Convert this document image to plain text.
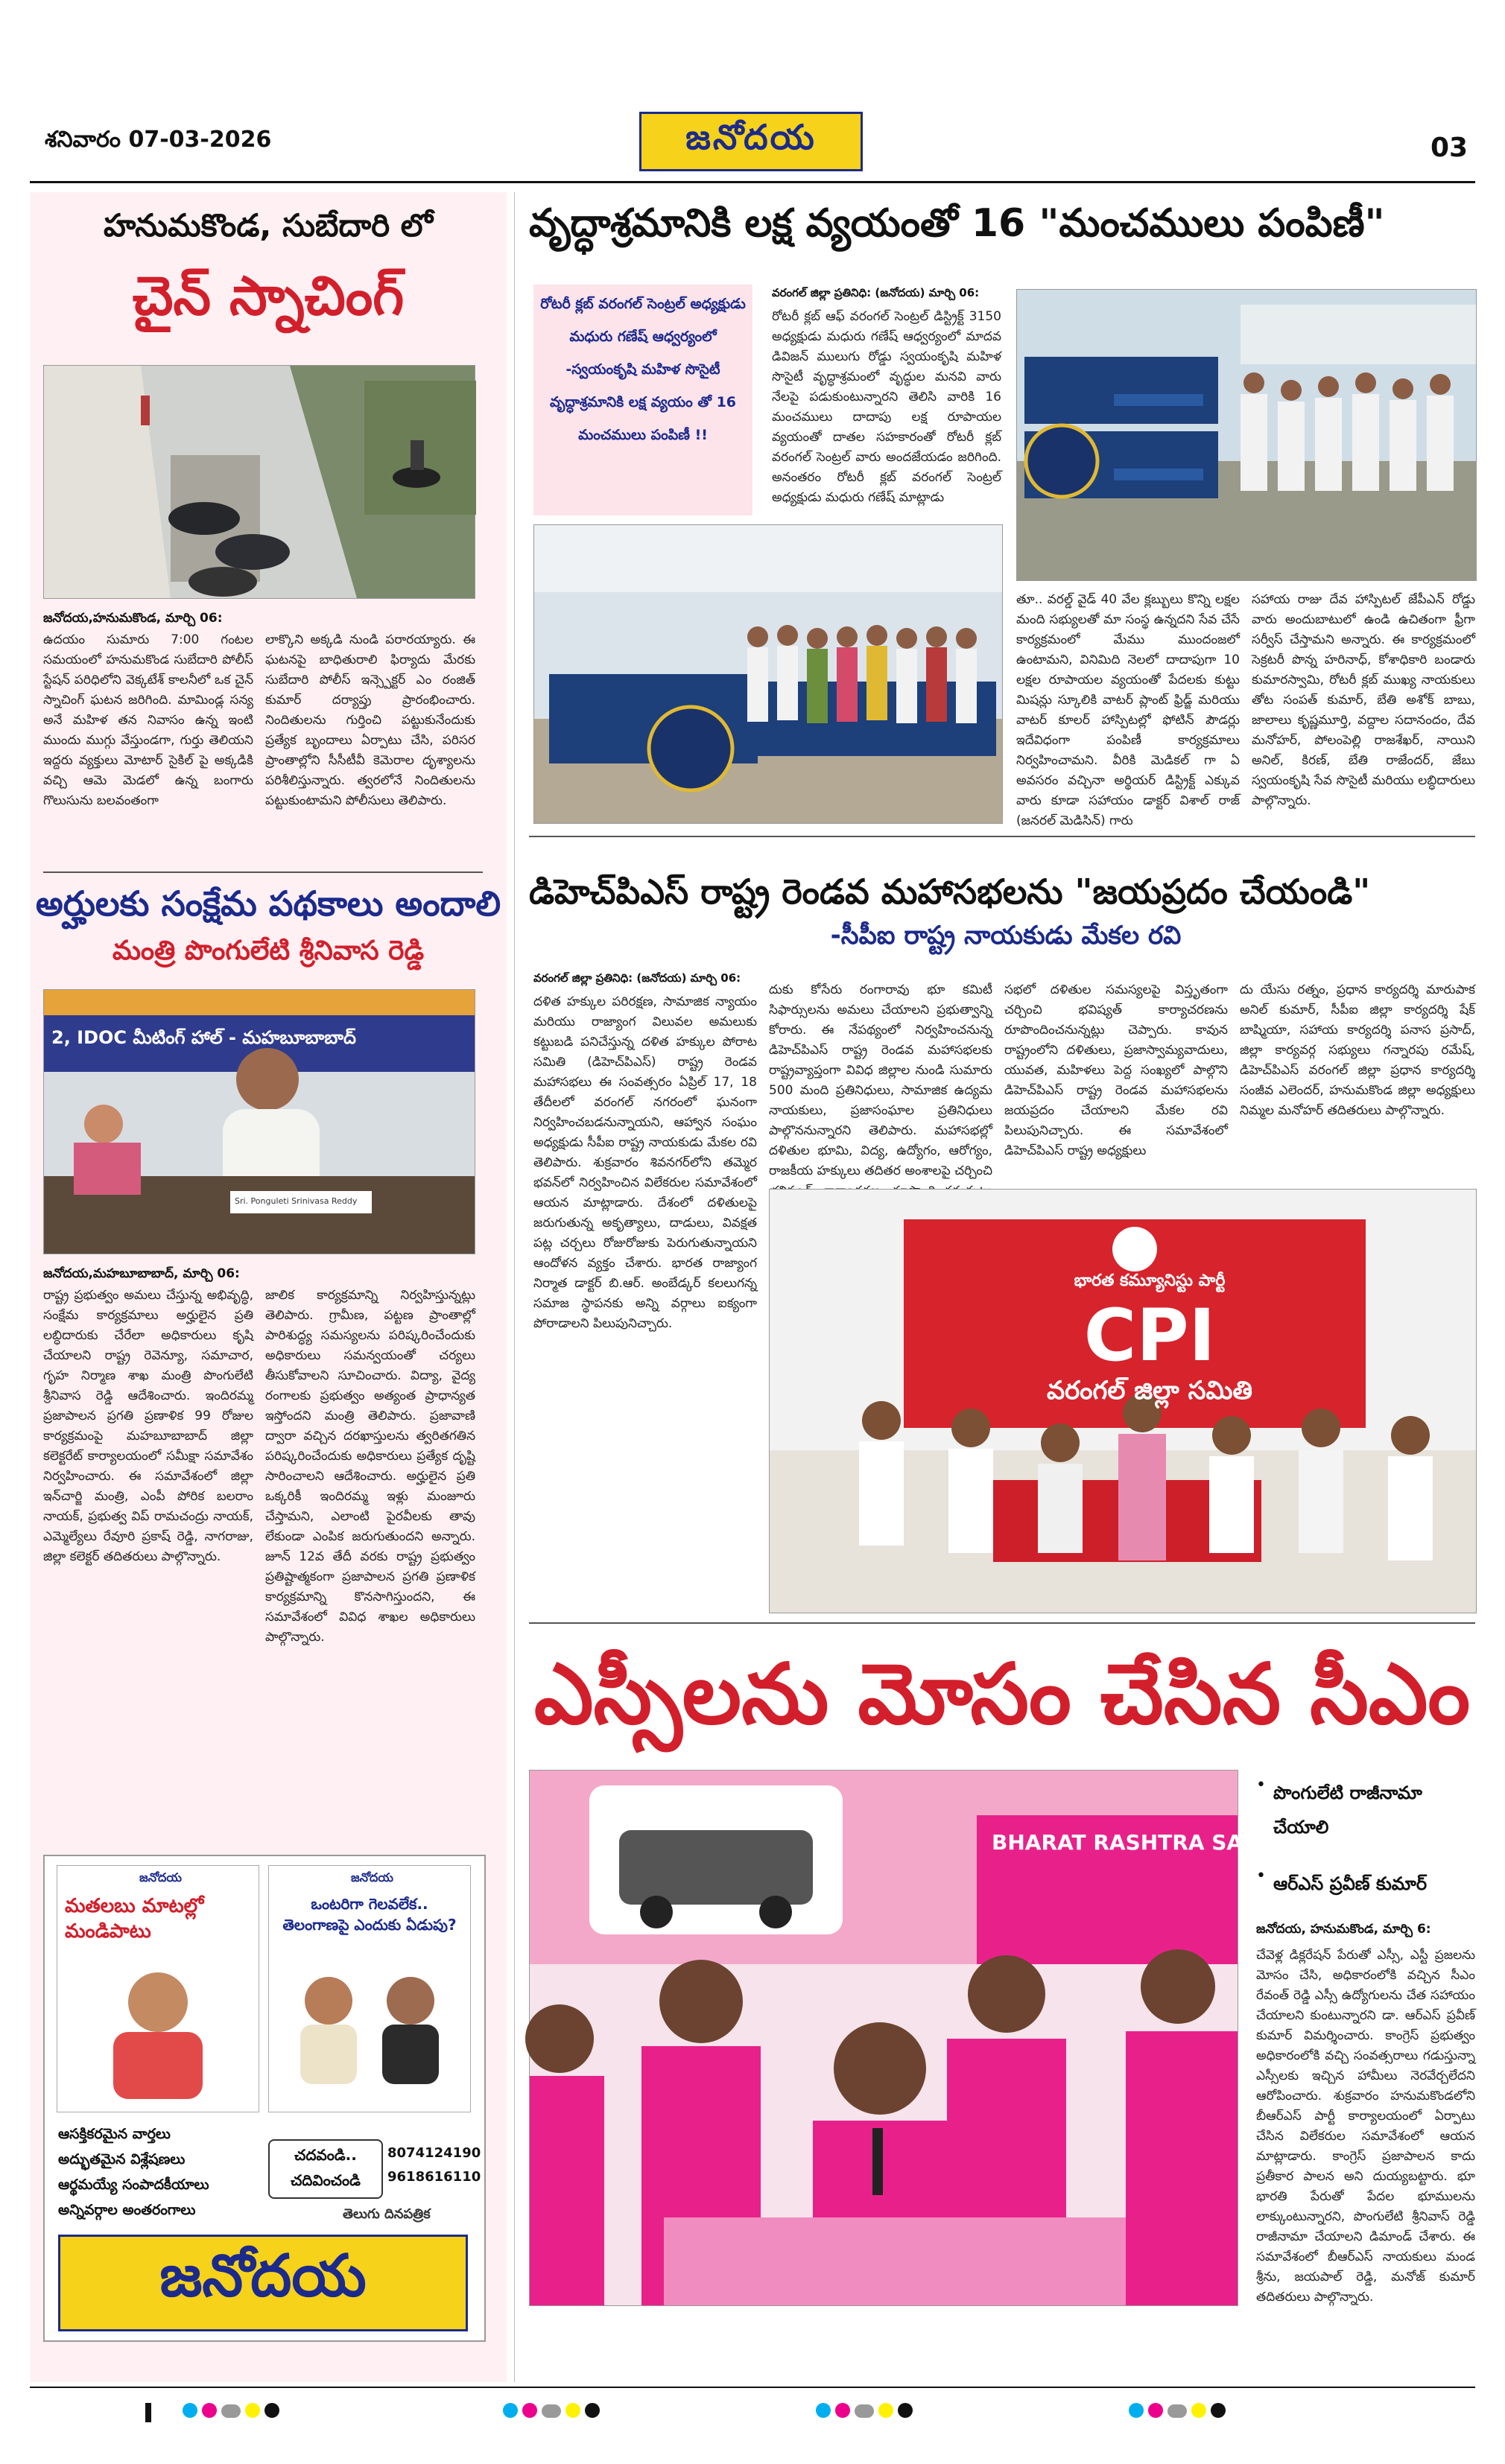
శనివారం 07-03-2026	జనోదయ	03
హనుమకొండ, సుబేదారి లో
చైన్ స్నాచింగ్
జనోదయ,హనుమకొండ, మార్చి 06:
ఉదయం సుమారు 7:00 గంటల సమయంలో హనుమకొండ సుబేదారి పోలీస్ స్టేషన్ పరిధిలోని వెక్కటేశ్ కాలనీలో ఒక చైన్ స్నాచింగ్ ఘటన జరిగింది. మామిండ్ల సన్య అనే మహిళ తన నివాసం ఉన్న ఇంటి ముందు ముగ్గు వేస్తుండగా, గుర్తు తెలియని ఇద్దరు వ్యక్తులు మోటార్ సైకిల్ పై అక్కడికి వచ్చి ఆమె మెడలో ఉన్న బంగారు గొలుసును బలవంతంగా
లాక్కొని అక్కడి నుండి పరారయ్యారు. ఈ ఘటనపై బాధితురాలి ఫిర్యాదు మేరకు సుబేదారి పోలీస్ ఇన్స్పెక్టర్ ఎం రంజిత్ కుమార్ దర్యాప్తు ప్రారంభించారు. నిందితులను గుర్తించి పట్టుకునేందుకు ప్రత్యేక బృందాలు ఏర్పాటు చేసి, పరిసర ప్రాంతాల్లోని సీసీటీవీ కెమెరాల దృశ్యాలను పరిశీలిస్తున్నారు. త్వరలోనే నిందితులను పట్టుకుంటామని పోలీసులు తెలిపారు.
అర్హులకు సంక్షేమ పథకాలు అందాలి
మంత్రి పొంగులేటి శ్రీనివాస రెడ్డి
2, IDOC మీటింగ్ హాల్ - మహబూబాబాద్
Sri. Ponguleti Srinivasa Reddy
జనోదయ,మహబూబాబాద్, మార్చి 06:
రాష్ట్ర ప్రభుత్వం అమలు చేస్తున్న అభివృద్ధి, సంక్షేమ కార్యక్రమాలు అర్హులైన ప్రతి లబ్ధిదారుకు చేరేలా అధికారులు కృషి చేయాలని రాష్ట్ర రెవెన్యూ, సమాచార, గృహ నిర్మాణ శాఖ మంత్రి పొంగులేటి శ్రీనివాస రెడ్డి ఆదేశించారు. ఇందిరమ్మ ప్రజాపాలన ప్రగతి ప్రణాళిక 99 రోజుల కార్యక్రమంపై మహబూబాబాద్ జిల్లా కలెక్టరేట్ కార్యాలయంలో సమీక్షా సమావేశం నిర్వహించారు. ఈ సమావేశంలో జిల్లా ఇన్‌చార్జి మంత్రి, ఎంపీ పోరిక బలరాం నాయక్, ప్రభుత్వ విప్ రామచంద్రు నాయక్, ఎమ్మెల్యేలు రేవూరి ప్రకాష్ రెడ్డి, నాగరాజు, జిల్లా కలెక్టర్ తదితరులు పాల్గొన్నారు.
జాలిక కార్యక్రమాన్ని నిర్వహిస్తున్నట్లు తెలిపారు. గ్రామీణ, పట్టణ ప్రాంతాల్లో పారిశుద్ధ్య సమస్యలను పరిష్కరించేందుకు అధికారులు సమన్వయంతో చర్యలు తీసుకోవాలని సూచించారు. విద్యా, వైద్య రంగాలకు ప్రభుత్వం అత్యంత ప్రాధాన్యత ఇస్తోందని మంత్రి తెలిపారు. ప్రజావాణి ద్వారా వచ్చిన దరఖాస్తులను త్వరితగతిన పరిష్కరించేందుకు అధికారులు ప్రత్యేక దృష్టి సారించాలని ఆదేశించారు. అర్హులైన ప్రతి ఒక్కరికీ ఇందిరమ్మ ఇళ్లు మంజూరు చేస్తామని, ఎలాంటి పైరవీలకు తావు లేకుండా ఎంపిక జరుగుతుందని అన్నారు. జూన్ 12వ తేదీ వరకు రాష్ట్ర ప్రభుత్వం ప్రతిష్టాత్మకంగా ప్రజాపాలన ప్రగతి ప్రణాళిక కార్యక్రమాన్ని కొనసాగిస్తుందని, ఈ సమావేశంలో వివిధ శాఖల అధికారులు పాల్గొన్నారు.
జనోదయ
మతలబు మాటల్లో మండిపాటు
జనోదయ
ఒంటరిగా గెలవలేక.. తెలంగాణపై ఎందుకు ఏడుపు?
ఆసక్తికరమైన వార్తలు
అద్భుతమైన విశ్లేషణలు
ఆర్థమయ్యే సంపాదకీయాలు
అన్నివర్గాల అంతరంగాలు
చదవండి.. చదివించండి
8074124190
9618616110
తెలుగు దినపత్రిక
జనోదయ
వృద్ధాశ్రమానికి లక్ష వ్యయంతో 16 "మంచములు పంపిణీ"
రోటరీ క్లబ్ వరంగల్ సెంట్రల్ అధ్యక్షుడు మధురు గణేష్ ఆధ్వర్యంలో -స్వయంకృషి మహిళ సొసైటీ వృద్ధాశ్రమానికి లక్ష వ్యయం తో 16 మంచములు పంపిణీ !!
వరంగల్ జిల్లా ప్రతినిధి: (జనోదయ) మార్చి 06:
రోటరీ క్లబ్ ఆఫ్ వరంగల్ సెంట్రల్ డిస్ట్రిక్ట్ 3150 అధ్యక్షుడు మధురు గణేష్ ఆధ్వర్యంలో మాదవ డివిజన్ ములుగు రోడ్డు స్వయంకృషి మహిళ సొసైటీ వృద్ధాశ్రమంలో వృద్ధుల మనవి వారు నేలపై పడుకుంటున్నారని తెలిసి వారికి 16 మంచములు దాదాపు లక్ష రూపాయల వ్యయంతో దాతల సహకారంతో రోటరీ క్లబ్ వరంగల్ సెంట్రల్ వారు అందజేయడం జరిగింది. అనంతరం రోటరీ క్లబ్ వరంగల్ సెంట్రల్ అధ్యక్షుడు మధురు గణేష్ మాట్లాడు
తూ.. వరల్డ్ వైడ్ 40 వేల క్లబ్బులు కొన్ని లక్షల మంది సభ్యులతో మా సంస్థ ఉన్నదని సేవ చేసే కార్యక్రమంలో మేము ముందంజలో ఉంటామని, వినిమిది నెలలో దాదాపుగా 10 లక్షల రూపాయల వ్యయంతో పేదలకు కుట్టు మిషన్లు స్కూలికి వాటర్ ప్లాంట్ ఫ్రిడ్జ్ మరియు వాటర్ కూలర్ హాస్పిటల్లో ఫోటిన్ పౌడర్లు ఇదేవిధంగా పంపిణీ కార్యక్రమాలు నిర్వహించామని. వీరికి మెడికల్ గా ఏ అవసరం వచ్చినా అర్థియర్ డిస్ట్రిక్ట్ ఎక్కువ వారు కూడా సహాయం డాక్టర్ విశాల్ రాజ్ (జనరల్ మెడిసిన్) గారు
సహాయ రాజు దేవ హాస్పిటల్ జేపీఎన్ రోడ్డు వారు అందుబాటులో ఉండి ఉచితంగా ఫ్రీగా సర్వీస్ చేస్తామని అన్నారు. ఈ కార్యక్రమంలో సెక్రటరీ పొన్న హరినాధ్, కోశాధికారి బండారు కుమారస్వామి, రోటరీ క్లబ్ ముఖ్య నాయకులు తోట సంపత్ కుమార్, బేతి అశోక్ బాబు, జాలాలు కృష్ణమూర్తి, వద్దాల సదానందం, దేవ మనోహర్, పోలంపెల్లి రాజశేఖర్, నాయిని అనిల్, కిరణ్, బేతి రాజేందర్, జేబు స్వయంకృషి సేవ సొసైటీ మరియు లబ్ధిదారులు పాల్గొన్నారు.
డిహెచ్‌పిఎస్ రాష్ట్ర రెండవ మహాసభలను "జయప్రదం చేయండి"
-సీపీఐ రాష్ట్ర నాయకుడు మేకల రవి
వరంగల్ జిల్లా ప్రతినిధి: (జనోదయ) మార్చి 06:
దళిత హక్కుల పరిరక్షణ, సామాజిక న్యాయం మరియు రాజ్యాంగ విలువల అమలుకు కట్టుబడి పనిచేస్తున్న దళిత హక్కుల పోరాట సమితి (డిహెచ్‌పిఎస్) రాష్ట్ర రెండవ మహాసభలు ఈ సంవత్సరం ఏప్రిల్ 17, 18 తేదీలలో వరంగల్ నగరంలో ఘనంగా నిర్వహించబడనున్నాయని, ఆహ్వాన సంఘం అధ్యక్షుడు సీపీఐ రాష్ట్ర నాయకుడు మేకల రవి తెలిపారు. శుక్రవారం శివనగర్‌లోని తమ్మెర భవన్‌లో నిర్వహించిన విలేకరుల సమావేశంలో ఆయన మాట్లాడారు. దేశంలో దళితులపై జరుగుతున్న అకృత్యాలు, దాడులు, వివక్షత పట్ల చర్చలు రోజురోజుకు పెరుగుతున్నాయని ఆందోళన వ్యక్తం చేశారు. భారత రాజ్యాంగ నిర్మాత డాక్టర్ బి.ఆర్. అంబేడ్కర్ కలలుగన్న సమాజ స్థాపనకు అన్ని వర్గాలు ఐక్యంగా పోరాడాలని పిలుపునిచ్చారు.
దుకు కోసేరు రంగారావు భూ కమిటీ సిఫార్సులను అమలు చేయాలని ప్రభుత్వాన్ని కోరారు. ఈ నేపథ్యంలో నిర్వహించనున్న డిహెచ్‌పిఎస్ రాష్ట్ర రెండవ మహాసభలకు రాష్ట్రవ్యాప్తంగా వివిధ జిల్లాల నుండి సుమారు 500 మంది ప్రతినిధులు, సామాజిక ఉద్యమ నాయకులు, ప్రజాసంఘాల ప్రతినిధులు పాల్గొననున్నారని తెలిపారు. మహాసభల్లో దళితుల భూమి, విద్య, ఉద్యోగం, ఆరోగ్యం, రాజకీయ హక్కులు తదితర అంశాలపై చర్చించి
సభలో దళితుల సమస్యలపై విస్తృతంగా చర్చించి భవిష్యత్ కార్యాచరణను రూపొందించనున్నట్లు చెప్పారు. కావున రాష్ట్రంలోని దళితులు, ప్రజాస్వామ్యవాదులు, యువత, మహిళలు పెద్ద సంఖ్యలో పాల్గొని డిహెచ్‌పిఎస్ రాష్ట్ర రెండవ మహాసభలను జయప్రదం చేయాలని మేకల రవి పిలుపునిచ్చారు. ఈ సమావేశంలో డిహెచ్‌పిఎస్ రాష్ట్ర అధ్యక్షులు
దు యేసు రత్నం, ప్రధాన కార్యదర్శి మారుపాక అనిల్ కుమార్, సీపీఐ జిల్లా కార్యదర్శి షేక్ బాష్మియా, సహాయ కార్యదర్శి పనాస ప్రసాద్, జిల్లా కార్యవర్గ సభ్యులు గన్నారపు రమేష్, డిహెచ్‌పిఎస్ వరంగల్ జిల్లా ప్రధాన కార్యదర్శి సంజీవ ఎలెందర్, హనుమకొండ జిల్లా అధ్యక్షులు నిమ్మల మనోహర్ తదితరులు పాల్గొన్నారు.
భారత కమ్యూనిస్టు పార్టీ
CPI
వరంగల్ జిల్లా సమితి
ఎస్సీలను మోసం చేసిన సీఎం
BHARAT RASHTRA SAMITHI
• పొంగులేటి రాజీనామా చేయాలి
• ఆర్ఎస్ ప్రవీణ్ కుమార్
జనోదయ, హనుమకొండ, మార్చి 6:
చేవెళ్ల డిక్లరేషన్ పేరుతో ఎస్సీ, ఎస్టీ ప్రజలను మోసం చేసి, అధికారంలోకి వచ్చిన సీఎం రేవంత్ రెడ్డి ఎస్సీ ఉద్యోగులను చేత సహాయం చేయాలని కుంటున్నారని డా. ఆర్ఎస్ ప్రవీణ్ కుమార్ విమర్శించారు. కాంగ్రెస్ ప్రభుత్వం అధికారంలోకి వచ్చి సంవత్సరాలు గడుస్తున్నా ఎస్సీలకు ఇచ్చిన హామీలు నెరవేర్చలేదని ఆరోపించారు. శుక్రవారం హనుమకొండలోని బీఆర్ఎస్ పార్టీ కార్యాలయంలో ఏర్పాటు చేసిన విలేకరుల సమావేశంలో ఆయన మాట్లాడారు. కాంగ్రెస్ ప్రజాపాలన కాదు ప్రతీకార పాలన అని దుయ్యబట్టారు. భూ భారతి పేరుతో పేదల భూములను లాక్కుంటున్నారని, పొంగులేటి శ్రీనివాస్ రెడ్డి రాజీనామా చేయాలని డిమాండ్ చేశారు. ఈ సమావేశంలో బీఆర్ఎస్ నాయకులు మండ శ్రీను, జయపాల్ రెడ్డి, మనోజ్ కుమార్ తదితరులు పాల్గొన్నారు.
